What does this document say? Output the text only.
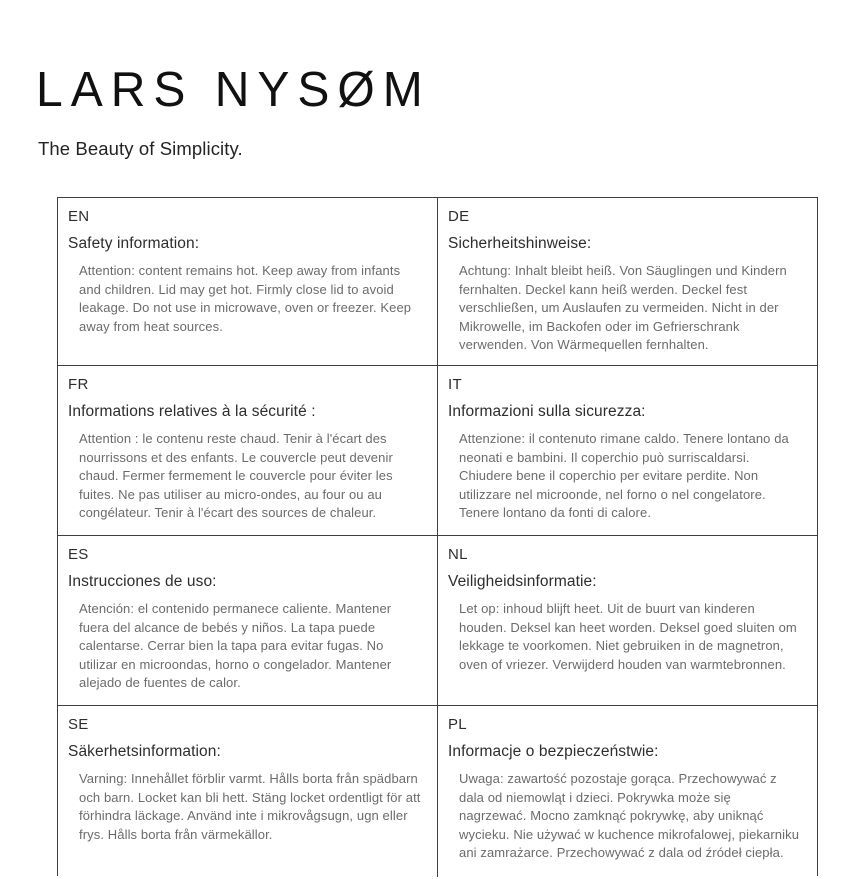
LARS NYSØM
The Beauty of Simplicity.
EN
Safety information:
Attention: content remains hot. Keep away from infants and children. Lid may get hot. Firmly close lid to avoid leakage. Do not use in microwave, oven or freezer. Keep away from heat sources.
DE
Sicherheitshinweise:
Achtung: Inhalt bleibt heiß. Von Säuglingen und Kindern fernhalten. Deckel kann heiß werden. Deckel fest verschließen, um Auslaufen zu vermeiden. Nicht in der Mikrowelle, im Backofen oder im Gefrierschrank verwenden. Von Wärmequellen fernhalten.
FR
Informations relatives à la sécurité :
Attention : le contenu reste chaud. Tenir à l'écart des nourrissons et des enfants. Le couvercle peut devenir chaud. Fermer fermement le couvercle pour éviter les fuites. Ne pas utiliser au micro-ondes, au four ou au congélateur. Tenir à l'écart des sources de chaleur.
IT
Informazioni sulla sicurezza:
Attenzione: il contenuto rimane caldo. Tenere lontano da neonati e bambini. Il coperchio può surriscaldarsi. Chiudere bene il coperchio per evitare perdite. Non utilizzare nel microonde, nel forno o nel congelatore. Tenere lontano da fonti di calore.
ES
Instrucciones de uso:
Atención: el contenido permanece caliente. Mantener fuera del alcance de bebés y niños. La tapa puede calentarse. Cerrar bien la tapa para evitar fugas. No utilizar en microondas, horno o congelador. Mantener alejado de fuentes de calor.
NL
Veiligheidsinformatie:
Let op: inhoud blijft heet. Uit de buurt van kinderen houden. Deksel kan heet worden. Deksel goed sluiten om lekkage te voorkomen. Niet gebruiken in de magnetron, oven of vriezer. Verwijderd houden van warmtebronnen.
SE
Säkerhetsinformation:
Varning: Innehållet förblir varmt. Hålls borta från spädbarn och barn. Locket kan bli hett. Stäng locket ordentligt för att förhindra läckage. Använd inte i mikrovågsugn, ugn eller frys. Hålls borta från värmekällor.
PL
Informacje o bezpieczeństwie:
Uwaga: zawartość pozostaje gorąca. Przechowywać z dala od niemowląt i dzieci. Pokrywka może się nagrzewać. Mocno zamknąć pokrywkę, aby uniknąć wycieku. Nie używać w kuchence mikrofalowej, piekarniku ani zamrażarce. Przechowywać z dala od źródeł ciepła.
